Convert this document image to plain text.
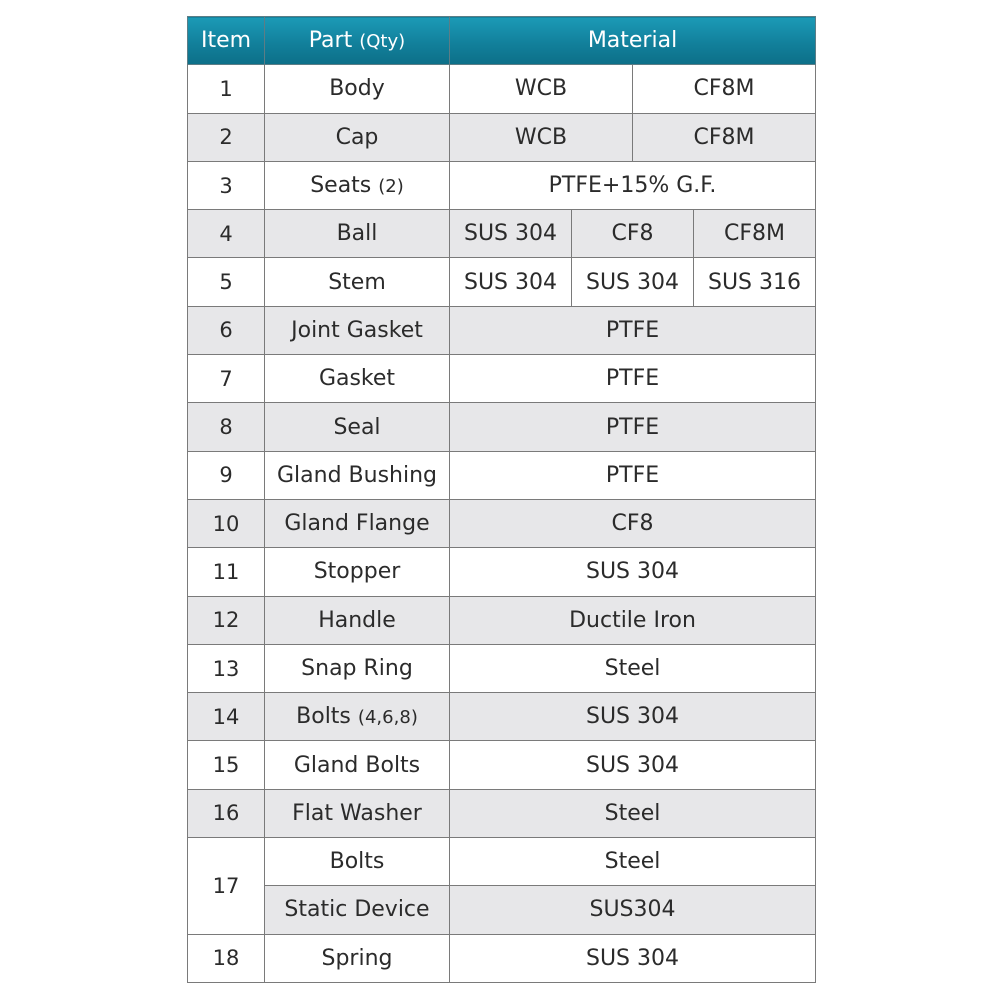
Item	Part (Qty)	Material			
1	Body	WCB		CF8M	
2	Cap	WCB		CF8M	
3	Seats (2)	PTFE+15% G.F.			
4	Ball	SUS 304	CF8		CF8M
5	Stem	SUS 304	SUS 304		SUS 316
6	Joint Gasket	PTFE			
7	Gasket	PTFE			
8	Seal	PTFE			
9	Gland Bushing	PTFE			
10	Gland Flange	CF8			
11	Stopper	SUS 304			
12	Handle	Ductile Iron			
13	Snap Ring	Steel			
14	Bolts (4,6,8)	SUS 304			
15	Gland Bolts	SUS 304			
16	Flat Washer	Steel			
17	Bolts	Steel			
	Static Device	SUS304			
18	Spring	SUS 304			
